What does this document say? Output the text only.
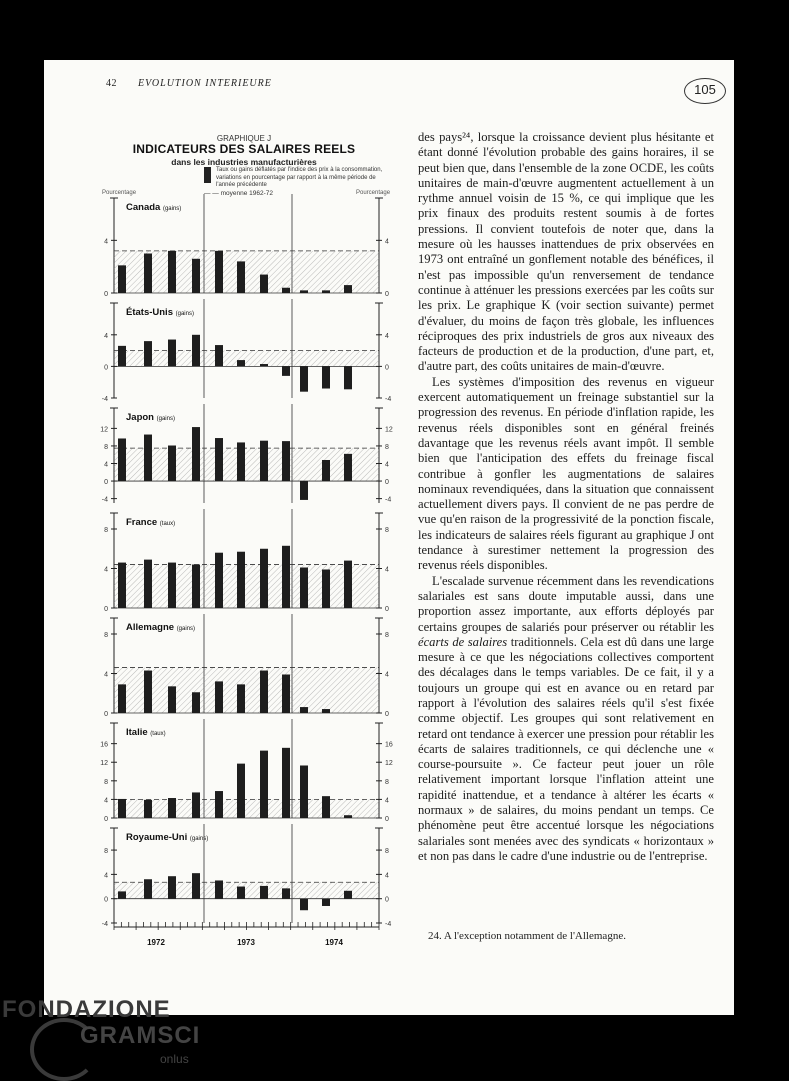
42 EVOLUTION INTERIEURE	105
GRAPHIQUE J
INDICATEURS DES SALAIRES REELS
dans les industries manufacturières
Taux ou gains déflatés par l'indice des prix à la consommation, variations en pourcentage par rapport à la même période de l'année précédente
— — moyenne 1962-72
Pourcentage	Pourcentage
4	4
0	0
Canada (gains)
4	4
0	0
-4	-4
États-Unis (gains)
12	12
8	8
4	4
0	0
-4	-4
Japon (gains)
8	8
4	4
0	0
France (taux)
8	8
4	4
0	0
Allemagne (gains)
16	16
12	12
8	8
4	4
0	0
Italie (taux)
8	8
4	4
0	0
-4	-4
Royaume-Uni (gains)
1972	1973	1974

des pays²⁴, lorsque la croissance devient plus hésitante et étant donné l'évolution probable des gains horaires, il se peut bien que, dans l'ensemble de la zone OCDE, les coûts unitaires de main-d'œuvre augmentent actuellement à un rythme annuel voisin de 15 %, ce qui implique que les prix finaux des produits restent soumis à de fortes pressions. Il convient toutefois de noter que, dans la mesure où les hausses inattendues de prix observées en 1973 ont entraîné un gonflement notable des bénéfices, il n'est pas impossible qu'un renversement de tendance continue à atténuer les pressions exercées par les coûts sur les prix. Le graphique K (voir section suivante) permet d'évaluer, du moins de façon très globale, les influences réciproques des prix industriels de gros aux niveaux des facteurs de production et de la production, d'une part, et, d'autre part, des coûts unitaires de main-d'œuvre.

Les systèmes d'imposition des revenus en vigueur exercent automatiquement un freinage substantiel sur la progression des revenus. En période d'inflation rapide, les revenus réels disponibles sont en général freinés davantage que les revenus réels avant impôt. Il semble bien que l'anticipation des effets du freinage fiscal contribue à gonfler les augmentations de salaires nominaux revendiquées, dans la situation que connaissent actuellement divers pays. Il convient de ne pas perdre de vue qu'en raison de la progressivité de la ponction fiscale, les indicateurs de salaires réels figurant au graphique J ont tendance à surestimer nettement la progression des revenus réels disponibles.

L'escalade survenue récemment dans les revendications salariales est sans doute imputable aussi, dans une proportion assez importante, aux efforts déployés par certains groupes de salariés pour préserver ou rétablir les écarts de salaires traditionnels. Cela est dû dans une large mesure à ce que les négociations collectives comportent des décalages dans le temps variables. De ce fait, il y a toujours un groupe qui est en avance ou en retard par rapport à l'évolution des salaires réels qu'il s'est fixée comme objectif. Les groupes qui sont relativement en retard ont tendance à exercer une pression pour rétablir les écarts de salaires traditionnels, ce qui déclenche une « course-poursuite ». Ce facteur peut jouer un rôle relativement important lorsque l'inflation atteint une rapidité inattendue, et a tendance à altérer les écarts « normaux » de salaires, du moins pendant un temps. Ce phénomène peut être accentué lorsque les négociations salariales sont menées avec des syndicats « horizontaux » et non pas dans le cadre d'une industrie ou de l'entreprise.

24. A l'exception notamment de l'Allemagne.
FONDAZIONE
GRAMSCI
onlus
